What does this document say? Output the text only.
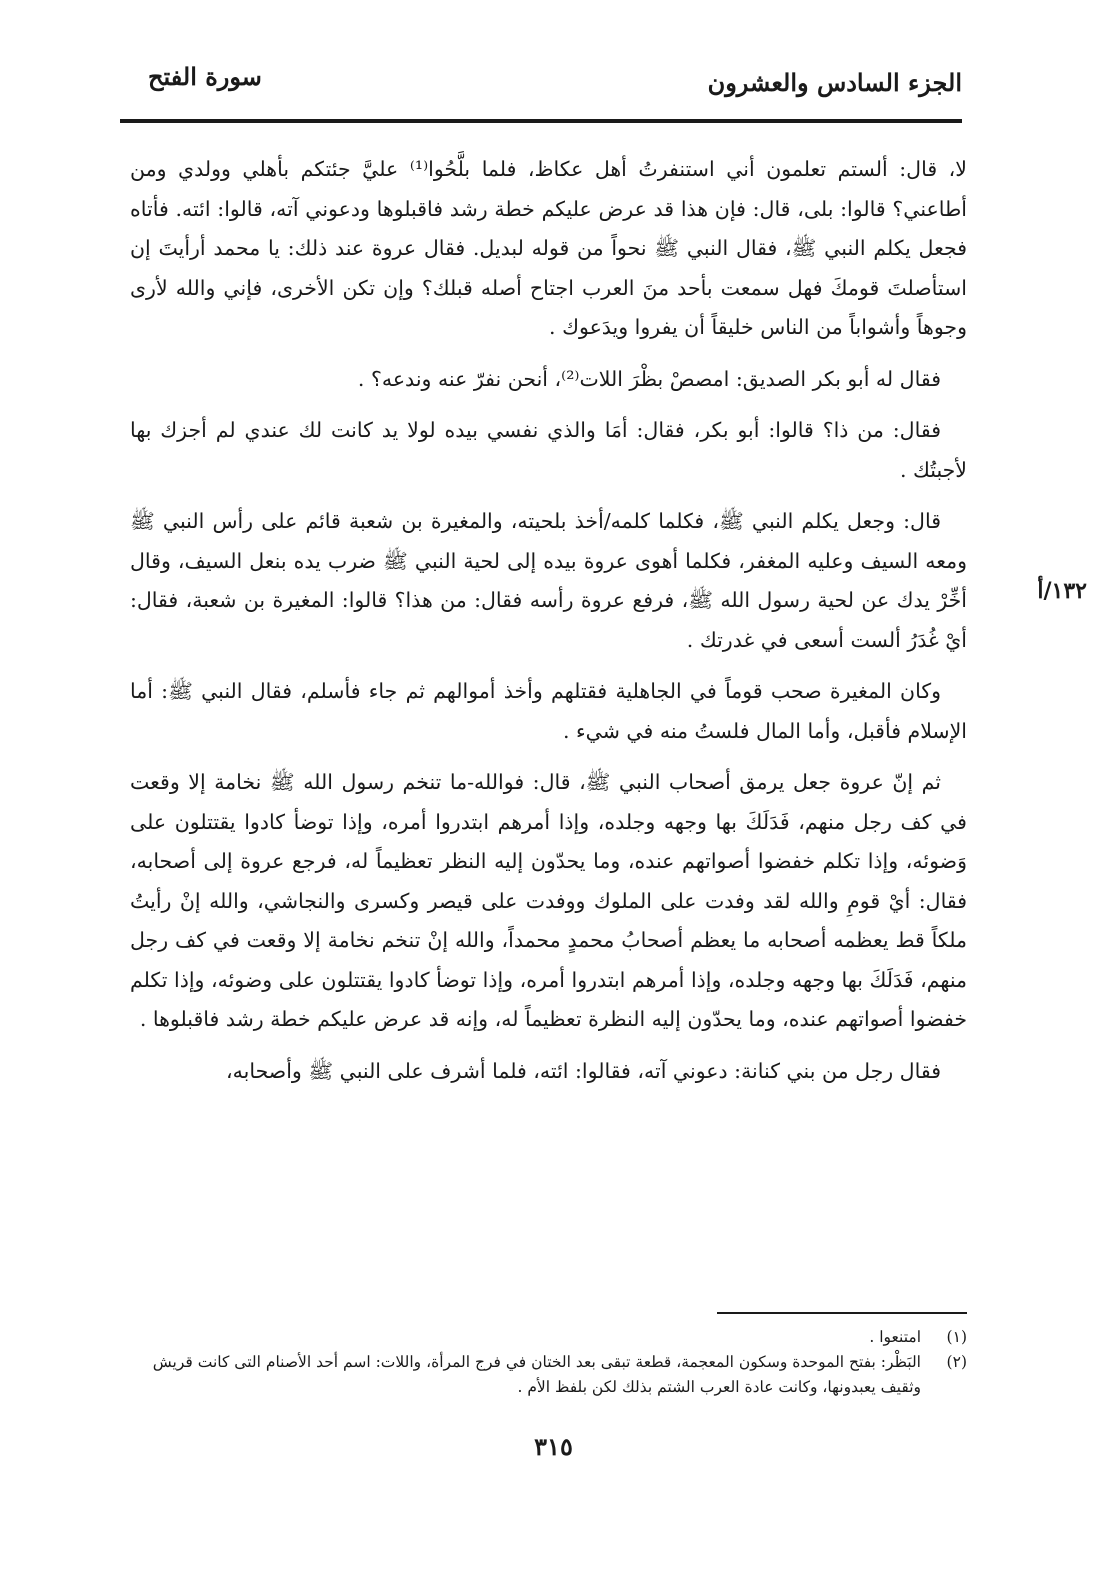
الجزء السادس والعشرون
سورة الفتح
١٣٢/أ

لا، قال: ألستم تعلمون أني استنفرتُ أهل عكاظ، فلما بلَّحُوا⁽¹⁾ عليَّ جئتكم بأهلي وولدي ومن أطاعني؟ قالوا: بلى، قال: فإن هذا قد عرض عليكم خطة رشد فاقبلوها ودعوني آته، قالوا: ائته. فأتاه فجعل يكلم النبي ﷺ، فقال النبي ﷺ نحواً من قوله لبديل. فقال عروة عند ذلك: يا محمد أرأيتَ إن استأصلتَ قومكَ فهل سمعت بأحد منَ العرب اجتاح أصله قبلك؟ وإن تكن الأخرى، فإني والله لأرى وجوهاً وأشواباً من الناس خليقاً أن يفروا ويدَعوك .

فقال له أبو بكر الصديق: امصصْ بظْرَ اللات⁽²⁾، أنحن نفرّ عنه وندعه؟ .

فقال: من ذا؟ قالوا: أبو بكر، فقال: أمَا والذي نفسي بيده لولا يد كانت لك عندي لم أجزك بها لأجبتُك .

قال: وجعل يكلم النبي ﷺ، فكلما كلمه/أخذ بلحيته، والمغيرة بن شعبة قائم على رأس النبي ﷺ ومعه السيف وعليه المغفر، فكلما أهوى عروة بيده إلى لحية النبي ﷺ ضرب يده بنعل السيف، وقال أخِّرْ يدك عن لحية رسول الله ﷺ، فرفع عروة رأسه فقال: من هذا؟ قالوا: المغيرة بن شعبة، فقال: أيْ غُدَرُ ألست أسعى في غدرتك .

وكان المغيرة صحب قوماً في الجاهلية فقتلهم وأخذ أموالهم ثم جاء فأسلم، فقال النبي ﷺ: أما الإسلام فأقبل، وأما المال فلستُ منه في شيء .

ثم إنّ عروة جعل يرمق أصحاب النبي ﷺ، قال: فوالله-ما تنخم رسول الله ﷺ نخامة إلا وقعت في كف رجل منهم، فَدَلَكَ بها وجهه وجلده، وإذا أمرهم ابتدروا أمره، وإذا توضأ كادوا يقتتلون على وَضوئه، وإذا تكلم خفضوا أصواتهم عنده، وما يحدّون إليه النظر تعظيماً له، فرجع عروة إلى أصحابه، فقال: أيْ قومِ والله لقد وفدت على الملوك ووفدت على قيصر وكسرى والنجاشي، والله إنْ رأيتُ ملكاً قط يعظمه أصحابه ما يعظم أصحابُ محمدٍ محمداً، والله إنْ تنخم نخامة إلا وقعت في كف رجل منهم، فَدَلَكَ بها وجهه وجلده، وإذا أمرهم ابتدروا أمره، وإذا توضأ كادوا يقتتلون على وضوئه، وإذا تكلم خفضوا أصواتهم عنده، وما يحدّون إليه النظرة تعظيماً له، وإنه قد عرض عليكم خطة رشد فاقبلوها .

فقال رجل من بني كنانة: دعوني آته، فقالوا: ائته، فلما أشرف على النبي ﷺ وأصحابه،

(١)
امتنعوا .

(٢)
البَظْر: بفتح الموحدة وسكون المعجمة، قطعة تبقى بعد الختان في فرج المرأة، واللات: اسم أحد الأصنام التى كانت قريش وثقيف يعبدونها، وكانت عادة العرب الشتم بذلك لكن بلفظ الأم .

٣١٥
